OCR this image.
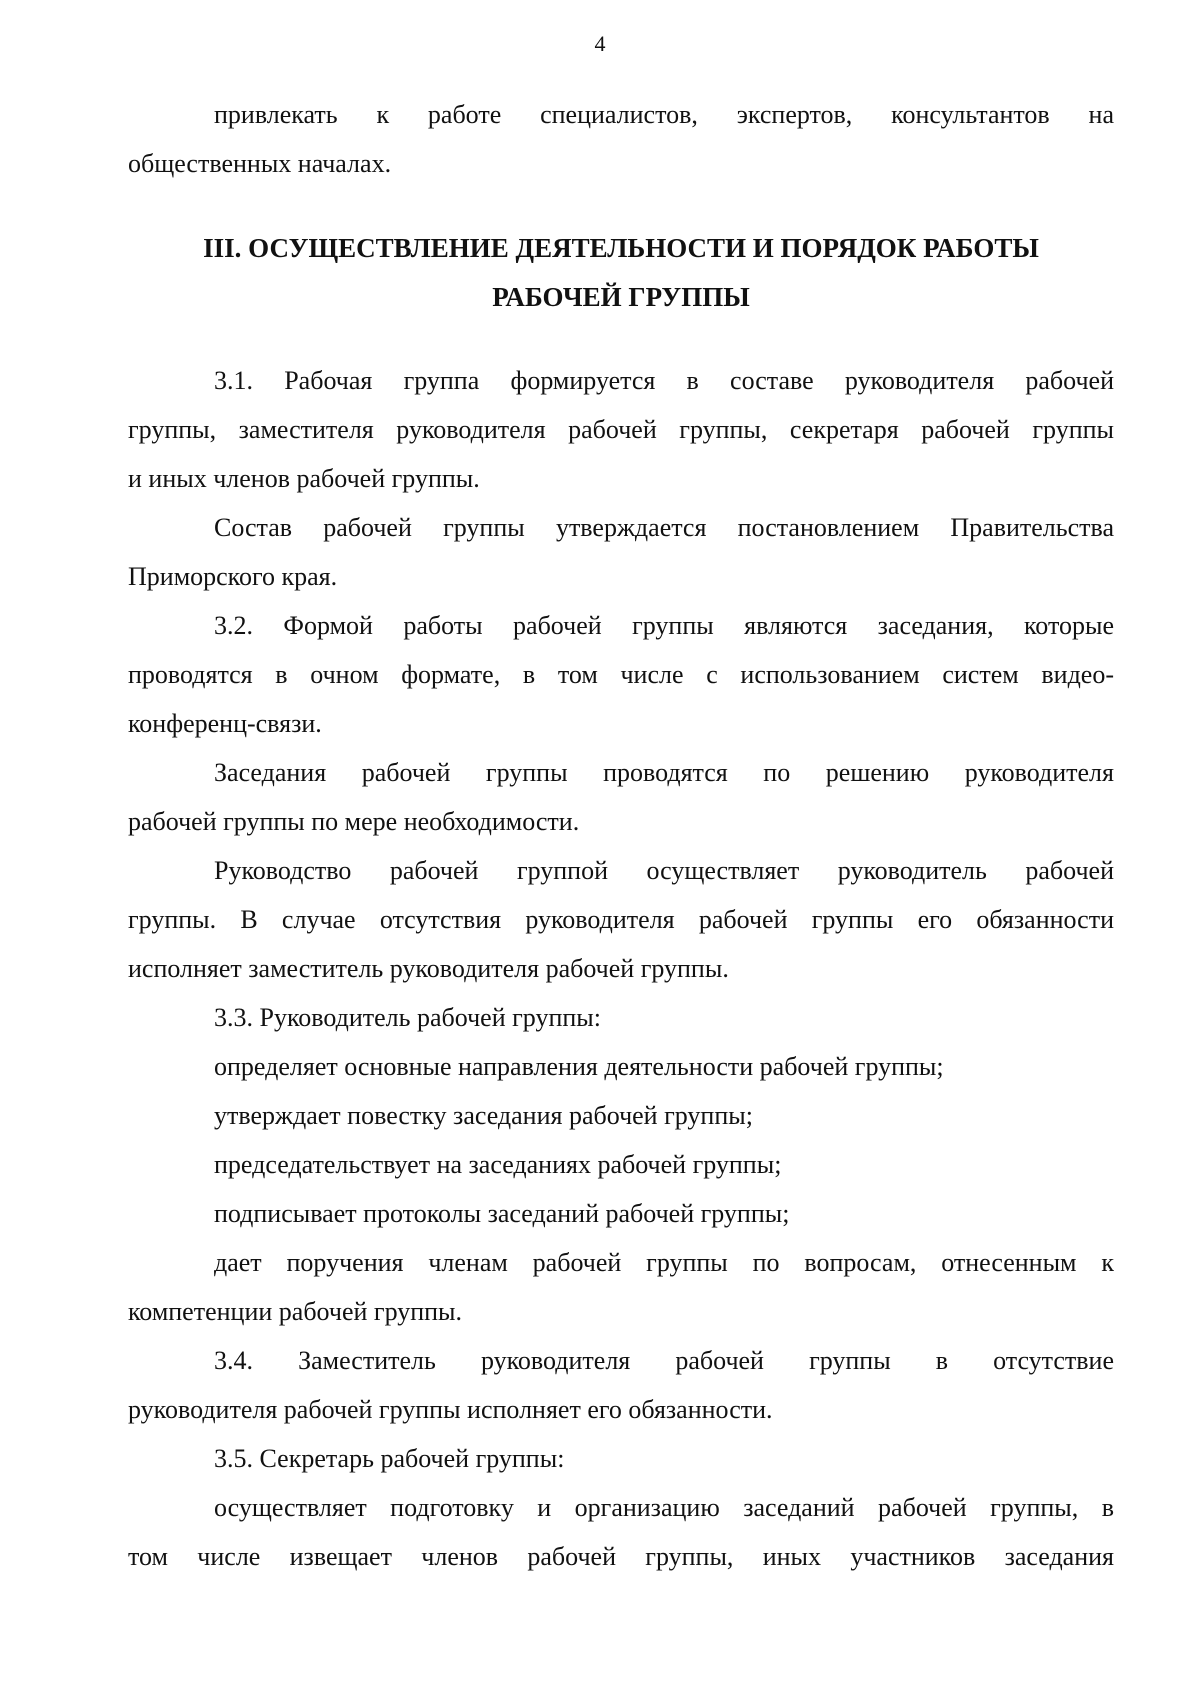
4
привлекать к работе специалистов, экспертов, консультантов на
общественных началах.
III. ОСУЩЕСТВЛЕНИЕ ДЕЯТЕЛЬНОСТИ И ПОРЯДОК РАБОТЫ
РАБОЧЕЙ ГРУППЫ
3.1. Рабочая группа формируется в составе руководителя рабочей
группы, заместителя руководителя рабочей группы, секретаря рабочей группы
и иных членов рабочей группы.
Состав рабочей группы утверждается постановлением Правительства
Приморского края.
3.2. Формой работы рабочей группы являются заседания, которые
проводятся в очном формате, в том числе с использованием систем видео-
конференц-связи.
Заседания рабочей группы проводятся по решению руководителя
рабочей группы по мере необходимости.
Руководство рабочей группой осуществляет руководитель рабочей
группы. В случае отсутствия руководителя рабочей группы его обязанности
исполняет заместитель руководителя рабочей группы.
3.3. Руководитель рабочей группы:
определяет основные направления деятельности рабочей группы;
утверждает повестку заседания рабочей группы;
председательствует на заседаниях рабочей группы;
подписывает протоколы заседаний рабочей группы;
дает поручения членам рабочей группы по вопросам, отнесенным к
компетенции рабочей группы.
3.4. Заместитель руководителя рабочей группы в отсутствие
руководителя рабочей группы исполняет его обязанности.
3.5. Секретарь рабочей группы:
осуществляет подготовку и организацию заседаний рабочей группы, в
том числе извещает членов рабочей группы, иных участников заседания
